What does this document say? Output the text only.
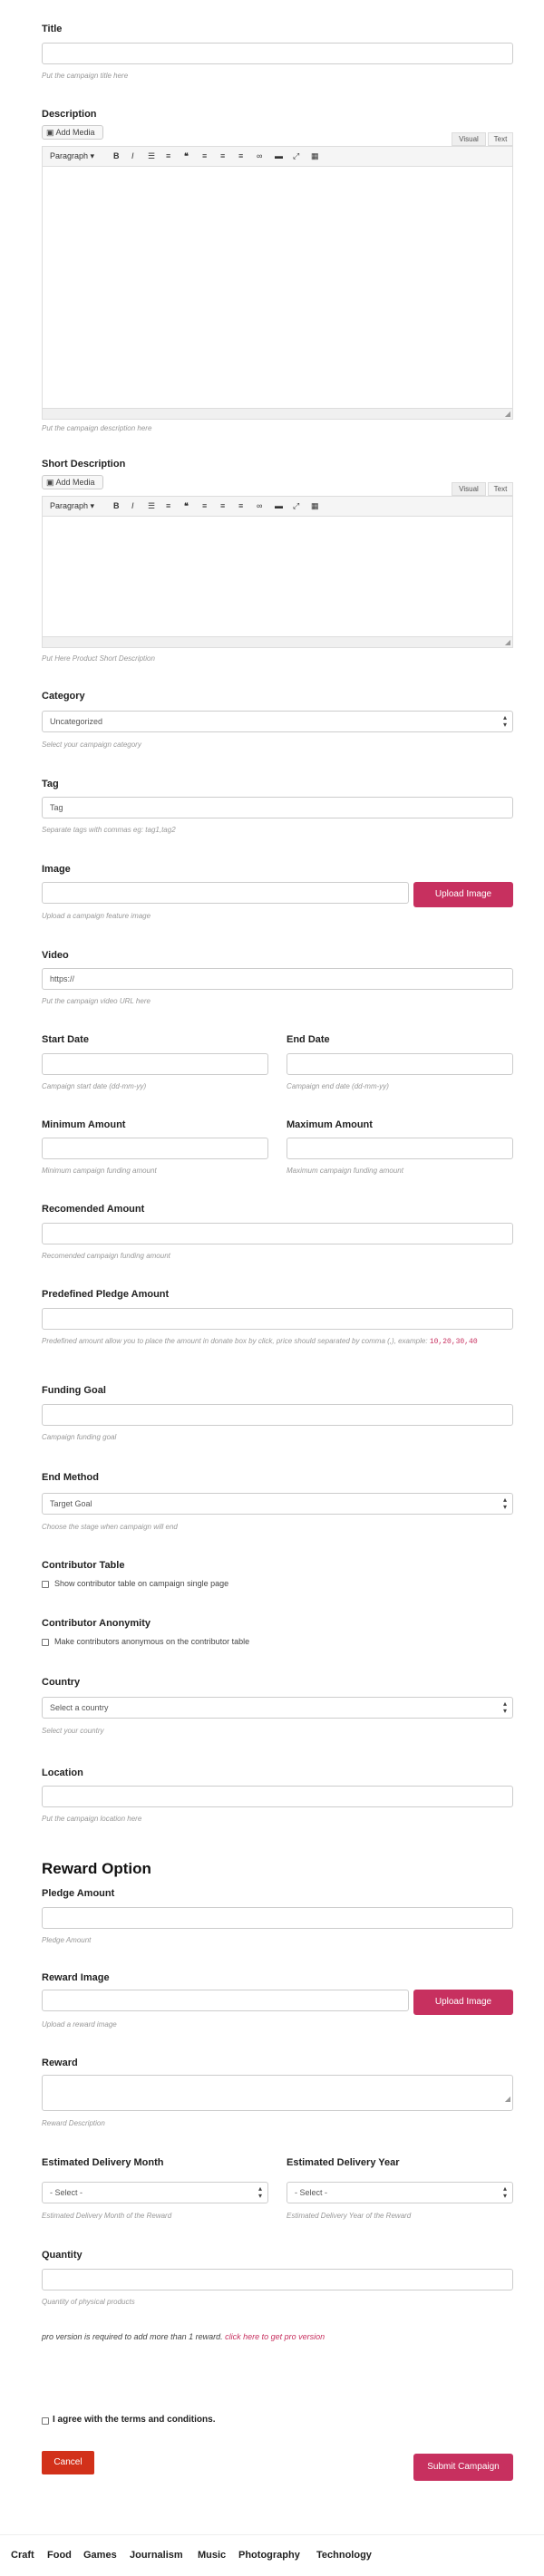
Title
Put the campaign title here
Description
▣ Add Media
Visual	Text
Paragraph ▾ B I ☰ ≡ ❝ ≡ ≡ ≡ ∞ ▬ ⤢ ▦
◢
Put the campaign description here
Short Description
▣ Add Media
Visual	Text
Paragraph ▾ B I ☰ ≡ ❝ ≡ ≡ ≡ ∞ ▬ ⤢ ▦
◢
Put Here Product Short Description
Category
Uncategorized	▴
▾
Select your campaign category
Tag
Tag
Separate tags with commas eg: tag1,tag2
Image
Upload Image
Upload a campaign feature image
Video
https://
Put the campaign video URL here
Start Date
Campaign start date (dd-mm-yy)
End Date
Campaign end date (dd-mm-yy)
Minimum Amount
Minimum campaign funding amount
Maximum Amount
Maximum campaign funding amount
Recomended Amount
Recomended campaign funding amount
Predefined Pledge Amount
Predefined amount allow you to place the amount in donate box by click, price should separated by comma (,), example: 10,20,30,40
Funding Goal
Campaign funding goal
End Method
Target Goal	▴
▾
Choose the stage when campaign will end
Contributor Table
Show contributor table on campaign single page
Contributor Anonymity
Make contributors anonymous on the contributor table
Country
Select a country	▴
▾
Select your country
Location
Put the campaign location here
Reward Option
Pledge Amount
Pledge Amount
Reward Image
Upload Image
Upload a reward image
Reward
◢
Reward Description
Estimated Delivery Month
- Select -	▴
▾
Estimated Delivery Month of the Reward
Estimated Delivery Year
- Select -	▴
▾
Estimated Delivery Year of the Reward
Quantity
Quantity of physical products
pro version is required to add more than 1 reward. click here to get pro version
I agree with the terms and conditions.
Cancel	Submit Campaign
Craft Food Games Journalism Music Photography Technology
